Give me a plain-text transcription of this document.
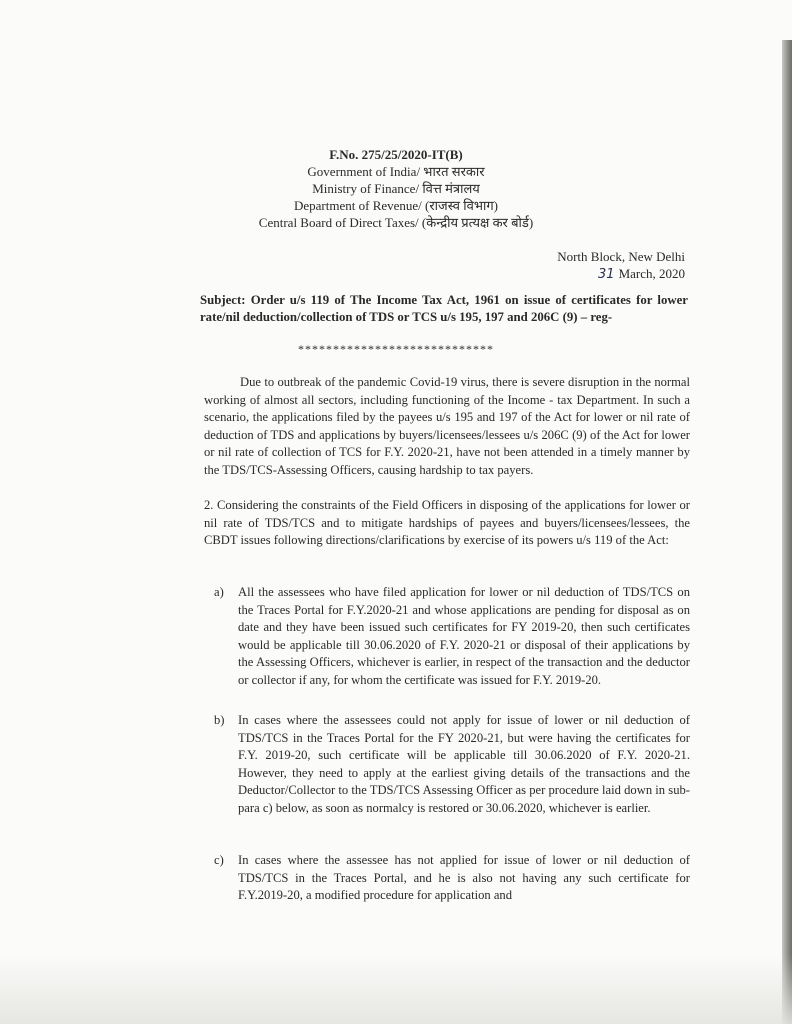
F.No. 275/25/2020-IT(B)
Government of India/ भारत सरकार
Ministry of Finance/ वित्त मंत्रालय
Department of Revenue/ (राजस्व विभाग)
Central Board of Direct Taxes/ (केन्द्रीय प्रत्यक्ष कर बोर्ड)
North Block, New Delhi
31 March, 2020
Subject: Order u/s 119 of The Income Tax Act, 1961 on issue of certificates for lower rate/nil deduction/collection of TDS or TCS u/s 195, 197 and 206C (9) – reg-
****************************
Due to outbreak of the pandemic Covid-19 virus, there is severe disruption in the normal working of almost all sectors, including functioning of the Income - tax Department. In such a scenario, the applications filed by the payees u/s 195 and 197 of the Act for lower or nil rate of deduction of TDS and applications by buyers/licensees/lessees u/s 206C (9) of the Act for lower or nil rate of collection of TCS for F.Y. 2020-21, have not been attended in a timely manner by the TDS/TCS-Assessing Officers, causing hardship to tax payers.
2. Considering the constraints of the Field Officers in disposing of the applications for lower or nil rate of TDS/TCS and to mitigate hardships of payees and buyers/licensees/lessees, the CBDT issues following directions/clarifications by exercise of its powers u/s 119 of the Act:
a) All the assessees who have filed application for lower or nil deduction of TDS/TCS on the Traces Portal for F.Y.2020-21 and whose applications are pending for disposal as on date and they have been issued such certificates for FY 2019-20, then such certificates would be applicable till 30.06.2020 of F.Y. 2020-21 or disposal of their applications by the Assessing Officers, whichever is earlier, in respect of the transaction and the deductor or collector if any, for whom the certificate was issued for F.Y. 2019-20.
b) In cases where the assessees could not apply for issue of lower or nil deduction of TDS/TCS in the Traces Portal for the FY 2020-21, but were having the certificates for F.Y. 2019-20, such certificate will be applicable till 30.06.2020 of F.Y. 2020-21. However, they need to apply at the earliest giving details of the transactions and the Deductor/Collector to the TDS/TCS Assessing Officer as per procedure laid down in sub-para c) below, as soon as normalcy is restored or 30.06.2020, whichever is earlier.
c) In cases where the assessee has not applied for issue of lower or nil deduction of TDS/TCS in the Traces Portal, and he is also not having any such certificate for F.Y.2019-20, a modified procedure for application and
